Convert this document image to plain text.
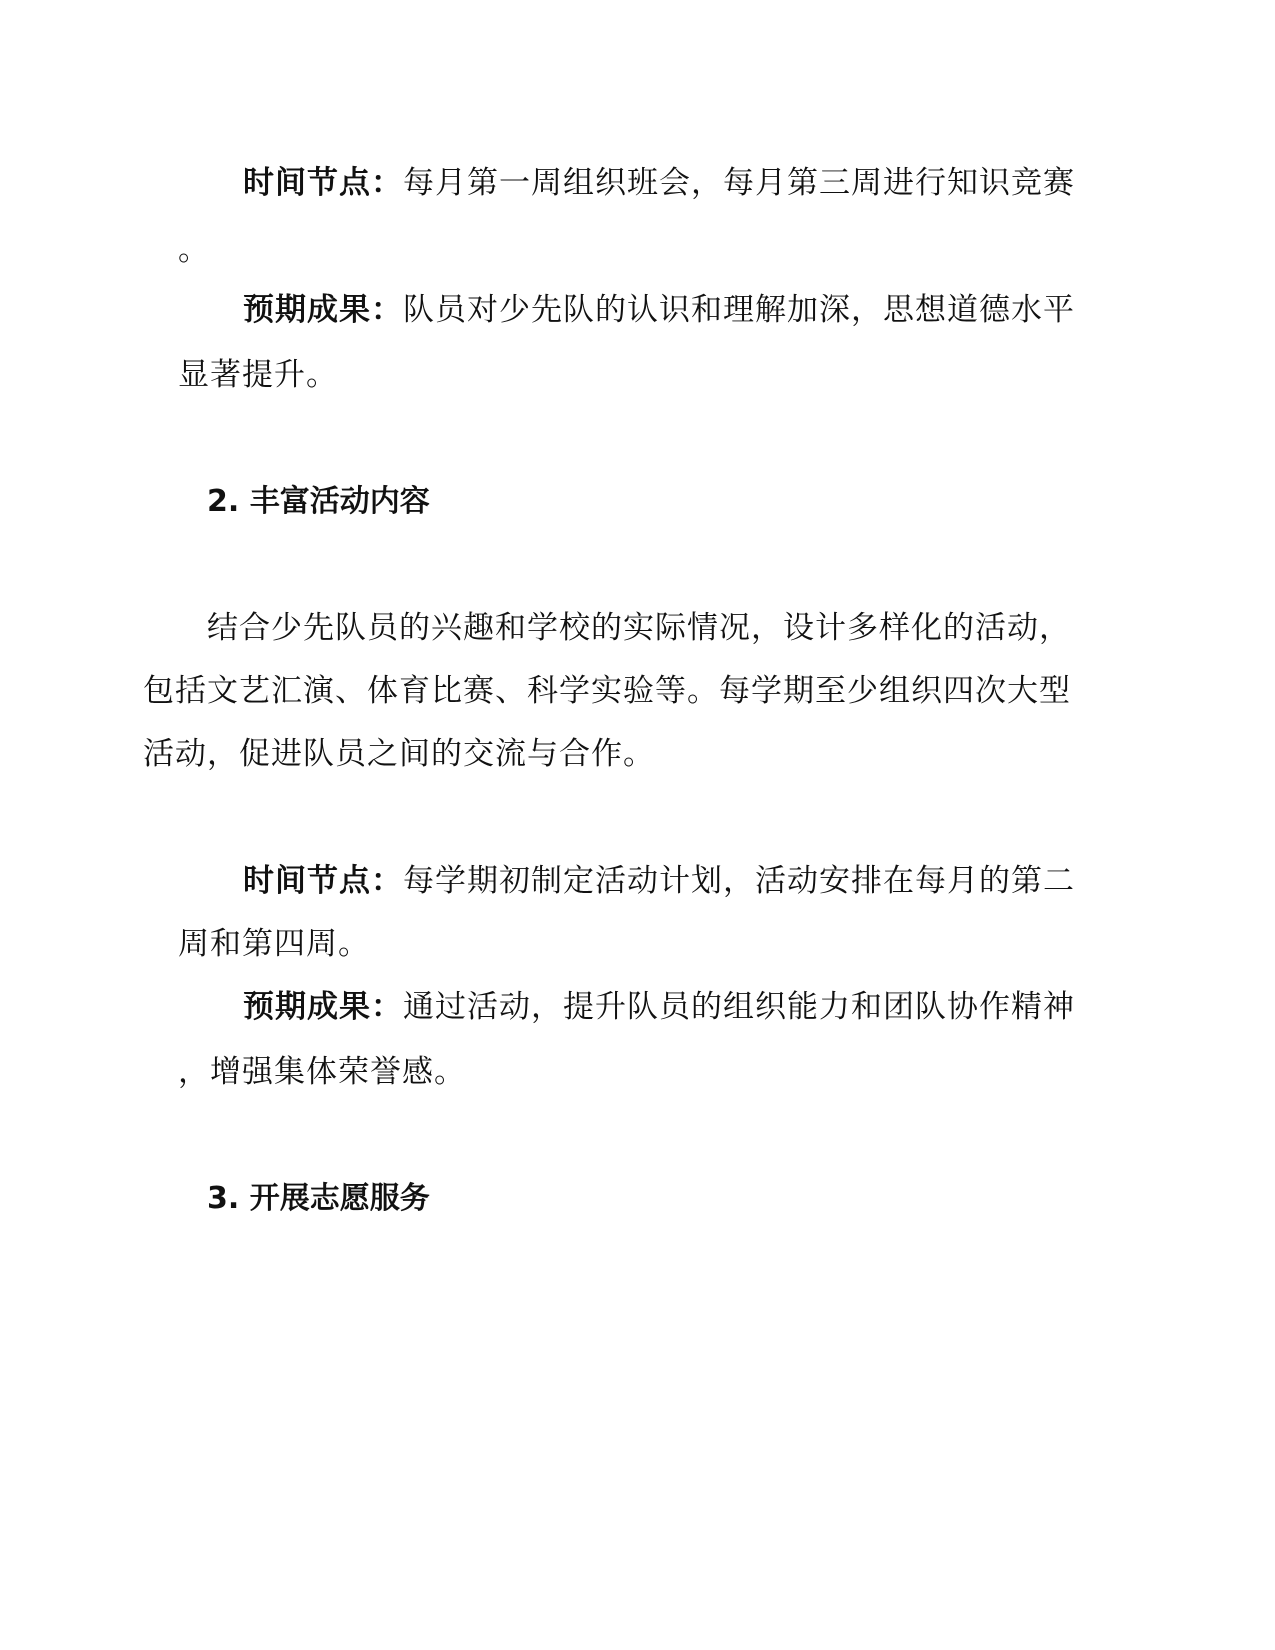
时间节点：每月第一周组织班会，每月第三周进行知识竞赛
。
预期成果：队员对少先队的认识和理解加深，思想道德水平
显著提升。
2. 丰富活动内容
结合少先队员的兴趣和学校的实际情况，设计多样化的活动，
包括文艺汇演、体育比赛、科学实验等。每学期至少组织四次大型
活动，促进队员之间的交流与合作。
时间节点：每学期初制定活动计划，活动安排在每月的第二
周和第四周。
预期成果：通过活动，提升队员的组织能力和团队协作精神
，增强集体荣誉感。
3. 开展志愿服务
